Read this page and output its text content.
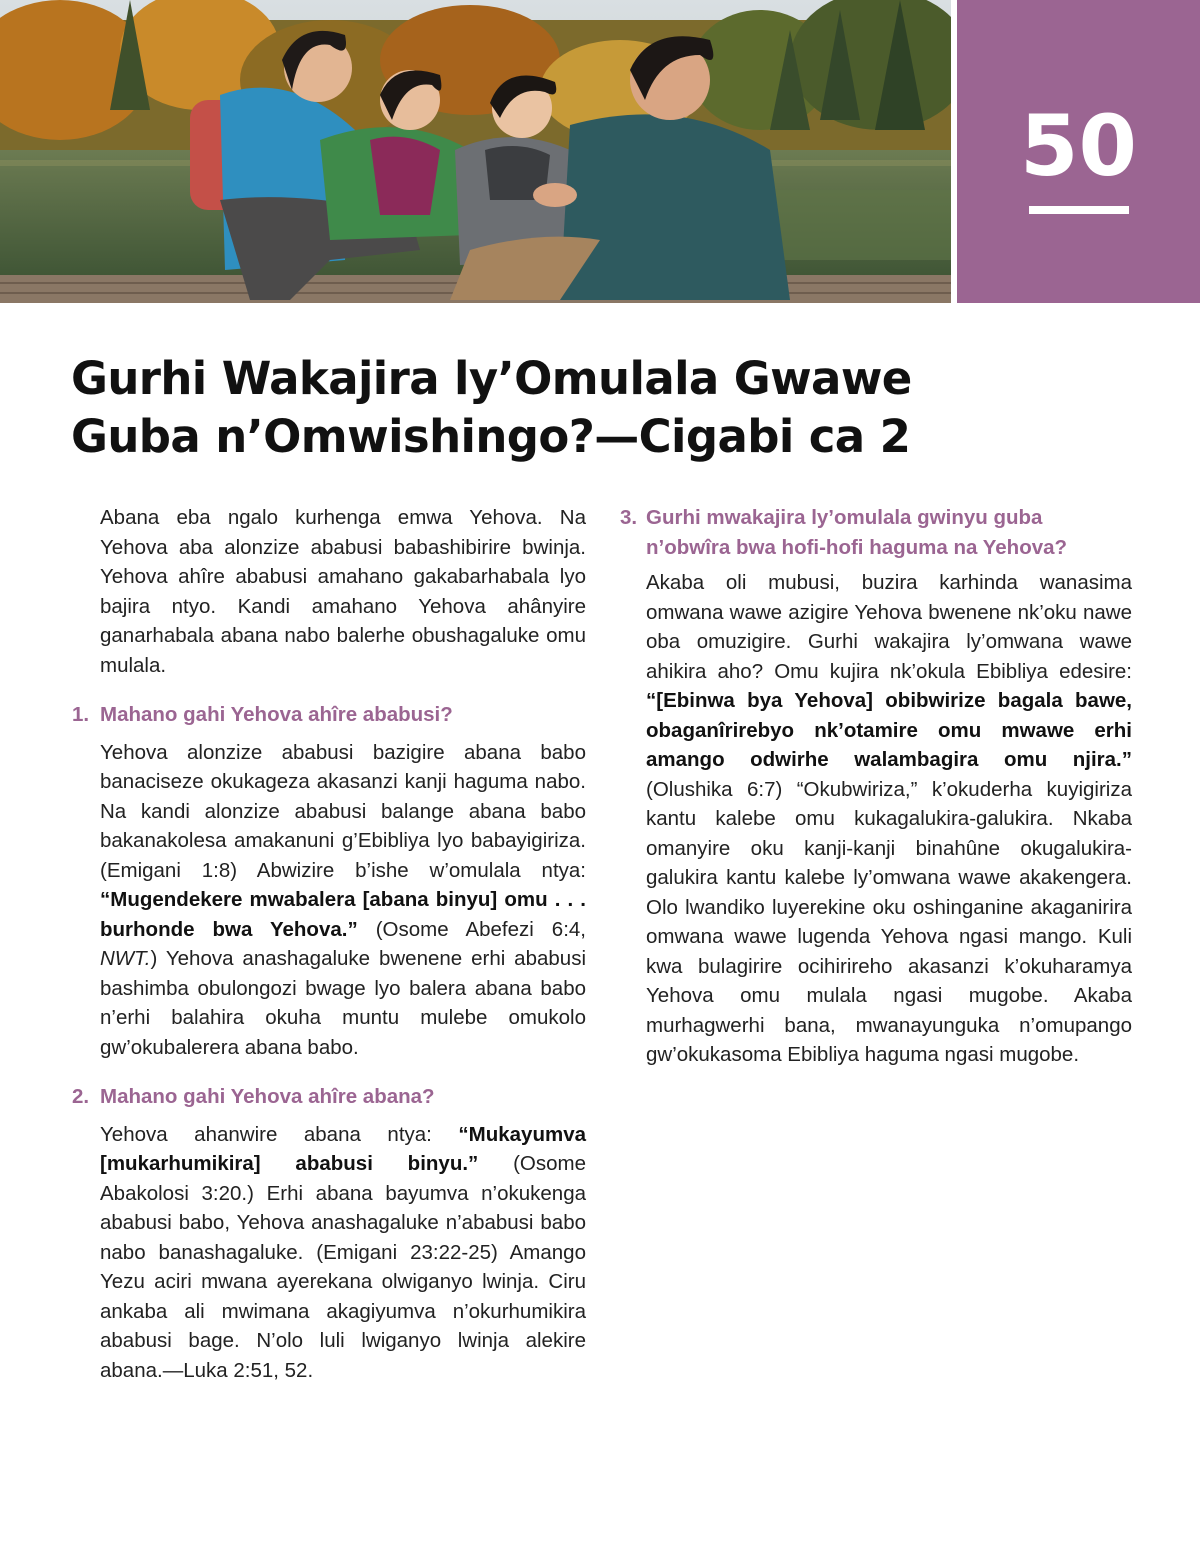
50
Gurhi Wakajira ly’Omulala Gwawe
Guba n’Omwishingo?—Cigabi ca 2

Abana eba ngalo kurhenga emwa Yehova. Na Yehova aba alonzize ababusi babashibirire bwinja. Yehova ahîre ababusi amahano gakabarhabala lyo bajira ntyo. Kandi amahano Yehova ahânyire ganarhabala abana nabo balerhe obushagaluke omu mulala.

1. Mahano gahi Yehova ahîre ababusi?

Yehova alonzize ababusi bazigire abana babo banaciseze okukageza akasanzi kanji haguma nabo. Na kandi alonzize ababusi balange abana babo bakanakolesa amakanuni g’Ebibliya lyo babayigiriza. (Emigani 1:8) Abwizire b’ishe w’omulala ntya: “Mugendekere mwabalera [abana binyu] omu . . . burhonde bwa Yehova.” (Osome Abefezi 6:4, NWT.) Yehova anashagaluke bwenene erhi ababusi bashimba obulongozi bwage lyo balera abana babo n’erhi balahira okuha muntu mulebe omukolo gw’okubalerera abana babo.

2. Mahano gahi Yehova ahîre abana?

Yehova ahanwire abana ntya: “Mukayumva [mukarhumikira] ababusi binyu.” (Osome Abakolosi 3:20.) Erhi abana bayumva n’okukenga ababusi babo, Yehova anashagaluke n’ababusi babo nabo banashagaluke. (Emigani 23:22-25) Amango Yezu aciri mwana ayerekana olwiganyo lwinja. Ciru ankaba ali mwimana akagiyumva n’okurhumikira ababusi bage. N’olo luli lwiganyo lwinja alekire abana.—Luka 2:51, 52.

3. Gurhi mwakajira ly’omulala gwinyu guba n’obwîra bwa hofi-hofi haguma na Yehova?

Akaba oli mubusi, buzira karhinda wanasima omwana wawe azigire Yehova bwenene nk’oku nawe oba omuzigire. Gurhi wakajira ly’omwana wawe ahikira aho? Omu kujira nk’okula Ebibliya edesire: “[Ebinwa bya Yehova] obibwirize bagala bawe, obaganîrirebyo nk’otamire omu mwawe erhi amango odwirhe walambagira omu njira.” (Olushika 6:7) “Okubwiriza,” k’okuderha kuyigiriza kantu kalebe omu kukagalukira-galukira. Nkaba omanyire oku kanji-kanji binahûne okugalukira-galukira kantu kalebe ly’omwana wawe akakengera. Olo lwandiko luyerekine oku oshinganine akaganirira omwana wawe lugenda Yehova ngasi mango. Kuli kwa bulagirire ocihirireho akasanzi k’okuharamya Yehova omu mulala ngasi mugobe. Akaba murhagwerhi bana, mwanayunguka n’omupango gw’okukasoma Ebibliya haguma ngasi mugobe.
